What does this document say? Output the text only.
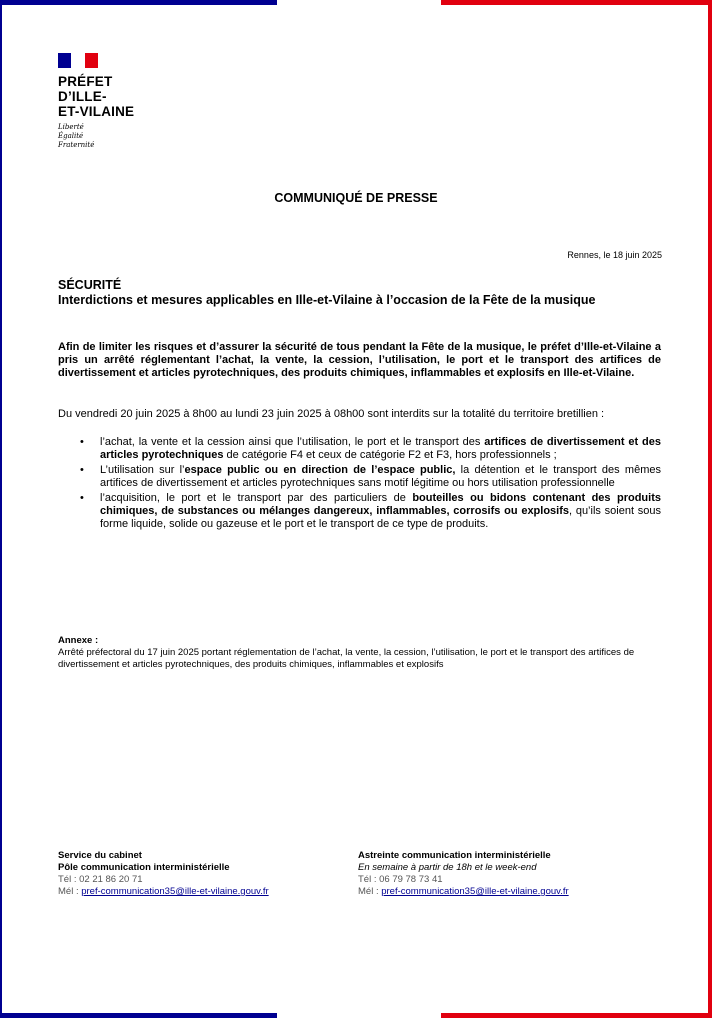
PRÉFET
D’ILLE-
ET-VILAINE
Liberté
Égalité
Fraternité
COMMUNIQUÉ DE PRESSE
Rennes, le 18 juin 2025
SÉCURITÉ
Interdictions et mesures applicables en Ille-et-Vilaine à l’occasion de la Fête de la musique
Afin de limiter les risques et d’assurer la sécurité de tous pendant la Fête de la musique, le préfet d’Ille-et-Vilaine a pris un arrêté réglementant l’achat, la vente, la cession, l’utilisation, le port et le transport des artifices de divertissement et articles pyrotechniques, des produits chimiques, inflammables et explosifs en Ille-et-Vilaine.
Du vendredi 20 juin 2025 à 8h00 au lundi 23 juin 2025 à 08h00 sont interdits sur la totalité du territoire bretillien :
• l’achat, la vente et la cession ainsi que l’utilisation, le port et le transport des artifices de divertissement et des articles pyrotechniques de catégorie F4 et ceux de catégorie F2 et F3, hors professionnels ;
• L’utilisation sur l’espace public ou en direction de l’espace public, la détention et le transport des mêmes artifices de divertissement et articles pyrotechniques sans motif légitime ou hors utilisation professionnelle
• l’acquisition, le port et le transport par des particuliers de bouteilles ou bidons contenant des produits chimiques, de substances ou mélanges dangereux, inflammables, corrosifs ou explosifs, qu’ils soient sous forme liquide, solide ou gazeuse et le port et le transport de ce type de produits.
Annexe :
Arrêté préfectoral du 17 juin 2025 portant réglementation de l’achat, la vente, la cession, l’utilisation, le port et le transport des artifices de divertissement et articles pyrotechniques, des produits chimiques, inflammables et explosifs
Service du cabinet
Pôle communication interministérielle
Tél : 02 21 86 20 71
Mél : pref-communication35@ille-et-vilaine.gouv.fr
Astreinte communication interministérielle
En semaine à partir de 18h et le week-end
Tél : 06 79 78 73 41
Mél : pref-communication35@ille-et-vilaine.gouv.fr
